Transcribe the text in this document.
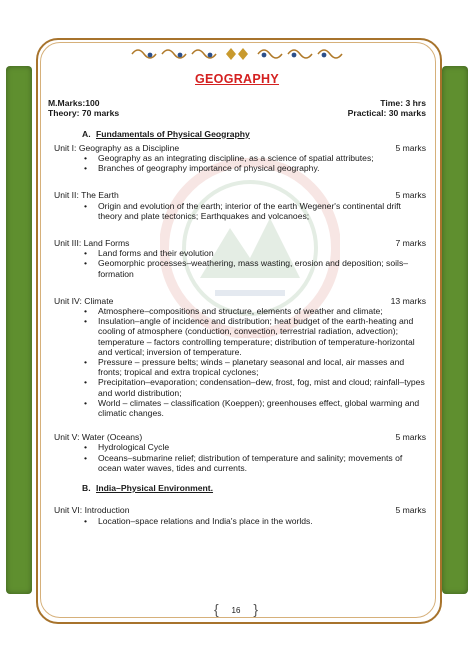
GEOGRAPHY
M.Marks:100	Time: 3 hrs
Theory: 70 marks	Practical: 30 marks
A. Fundamentals of Physical Geography
Unit I: Geography as a Discipline	5 marks
• Geography as an integrating discipline, as a science of spatial attributes;
• Branches of geography importance of physical geography.
Unit II: The Earth	5 marks
• Origin and evolution of the earth; interior of the earth Wegener's continental drift theory and plate tectonics; Earthquakes and volcanoes;
Unit III: Land Forms	7 marks
• Land forms and their evolution
• Geomorphic processes–weathering, mass wasting, erosion and deposition; soils–formation
Unit IV: Climate	13 marks
• Atmosphere–compositions and structure, elements of weather and climate;
• Insulation–angle of incidence and distribution; heat budget of the earth-heating and cooling of atmosphere (conduction, convection, terrestrial radiation, advection); temperature – factors controlling temperature; distribution of temperature-horizontal and vertical; inversion of temperature.
• Pressure – pressure belts; winds – planetary seasonal and local, air masses and fronts; tropical and extra tropical cyclones;
• Precipitation–evaporation; condensation–dew, frost, fog, mist and cloud; rainfall–types and world distribution;
• World – climates – classification (Koeppen); greenhouses effect, global warming and climatic changes.
Unit V: Water (Oceans)	5 marks
• Hydrological Cycle
• Oceans–submarine relief; distribution of temperature and salinity; movements of ocean water waves, tides and currents.
B. India–Physical Environment.
Unit VI: Introduction	5 marks
• Location–space relations and India's place in the worlds.
{ 16 }
